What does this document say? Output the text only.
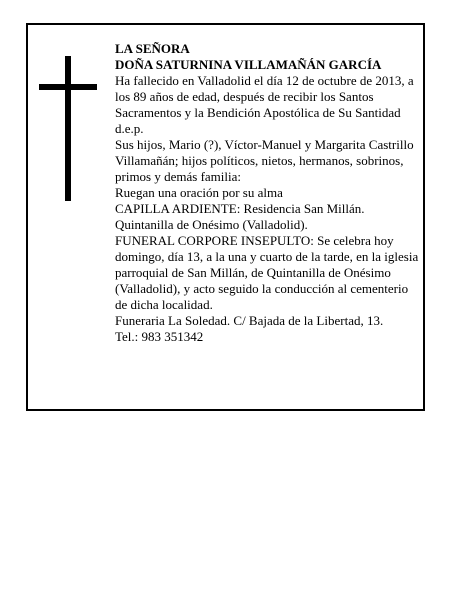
LA SEÑORA

DOÑA SATURNINA VILLAMAÑÁN GARCÍA

Ha fallecido en Valladolid el día 12 de octubre de 2013, a los 89 años de edad, después de recibir los Santos Sacramentos y la Bendición Apostólica de Su Santidad d.e.p.

Sus hijos, Mario (?), Víctor-Manuel y Margarita Castrillo Villamañán; hijos políticos, nietos, hermanos, sobrinos, primos y demás familia:

Ruegan una oración por su alma

CAPILLA ARDIENTE: Residencia San Millán. Quintanilla de Onésimo (Valladolid).

FUNERAL CORPORE INSEPULTO: Se celebra hoy domingo, día 13, a la una y cuarto de la tarde, en la iglesia parroquial de San Millán, de Quintanilla de Onésimo (Valladolid), y acto seguido la conducción al cementerio de dicha localidad.

Funeraria La Soledad. C/ Bajada de la Libertad, 13.

Tel.: 983 351342
